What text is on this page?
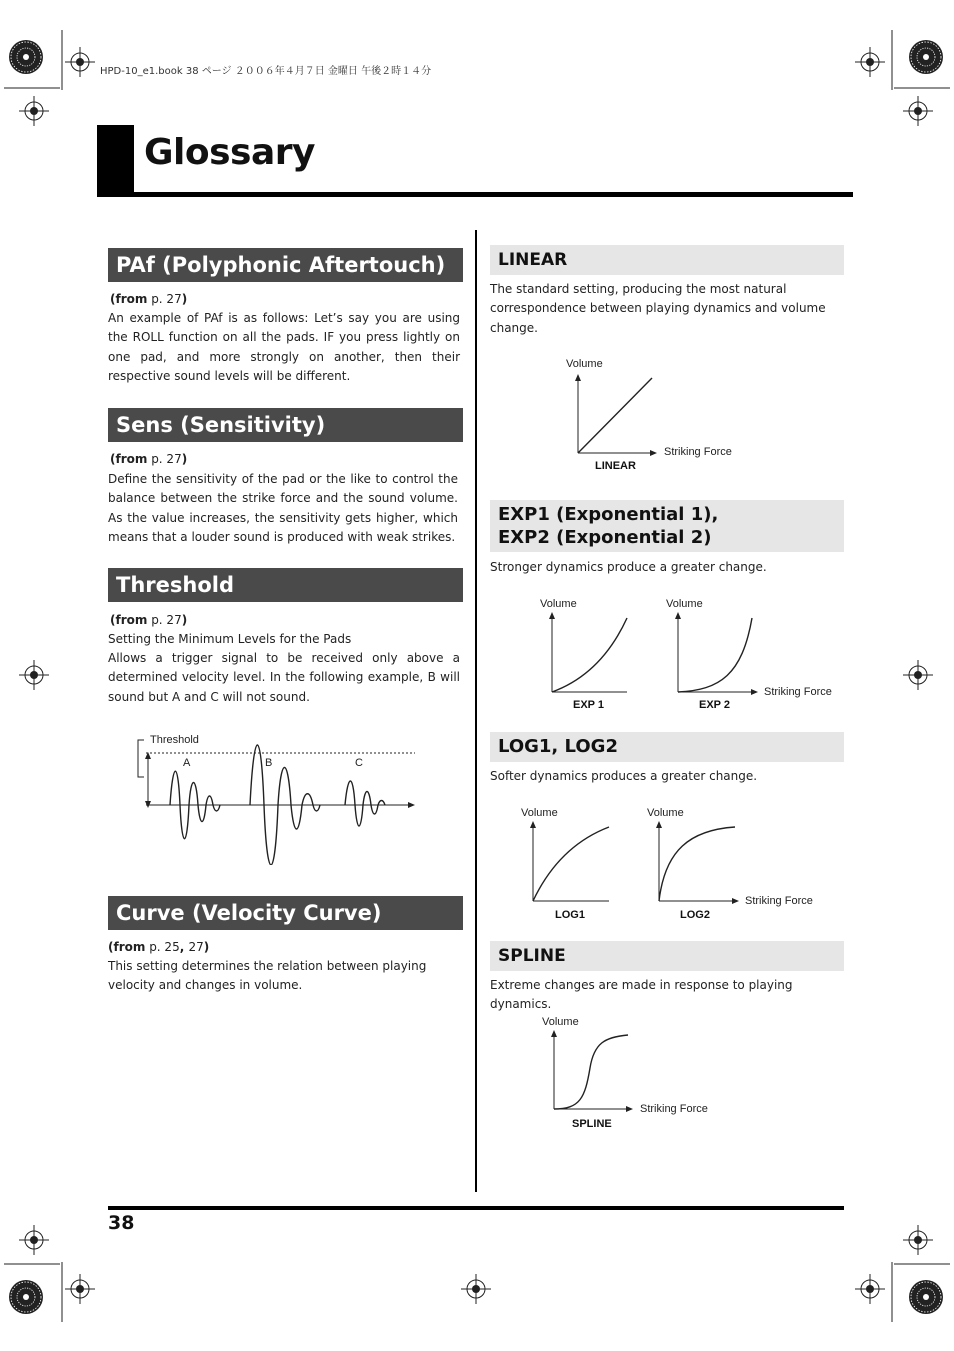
HPD-10_e1.book 38 ページ ２００６年４月７日 金曜日 午後２時１４分
Glossary
PAf (Polyphonic Aftertouch)
(from p. 27)
An example of PAf is as follows: Let’s say you are using the ROLL function on all the pads. IF you press lightly on one pad, and more strongly on another, then their respective sound levels will be different.
Sens (Sensitivity)
(from p. 27)
Define the sensitivity of the pad or the like to control the balance between the strike force and the sound volume. As the value increases, the sensitivity gets higher, which means that a louder sound is produced with weak strikes.
Threshold
(from p. 27)
Setting the Minimum Levels for the Pads
Allows a trigger signal to be received only above a determined velocity level. In the following example, B will sound but A and C will not sound.
Threshold
A	B	C
Curve (Velocity Curve)
(from p. 25, 27)
This setting determines the relation between playing velocity and changes in volume.
LINEAR
The standard setting, producing the most natural correspondence between playing dynamics and volume change.
Volume
Striking Force
LINEAR
EXP1 (Exponential 1),
EXP2 (Exponential 2)
Stronger dynamics produce a greater change.
Volume
EXP 1
Volume
EXP 2
Striking Force
LOG1, LOG2
Softer dynamics produces a greater change.
Volume
LOG1
Volume
LOG2
Striking Force
SPLINE
Extreme changes are made in response to playing dynamics.
Volume
Striking Force
SPLINE
38
